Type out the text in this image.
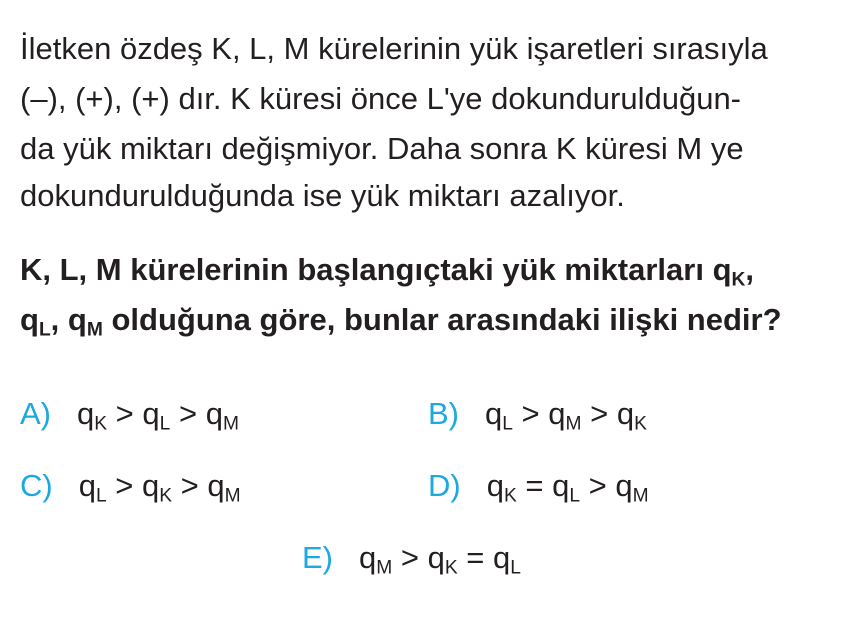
İletken özdeş K, L, M kürelerinin yük işaretleri sırasıyla
(–), (+), (+) dır. K küresi önce L'ye dokundurulduğun-
da yük miktarı değişmiyor. Daha sonra K küresi M ye
dokundurulduğunda ise yük miktarı azalıyor.
K, L, M kürelerinin başlangıçtaki yük miktarları $q_K$,
$q_L$, $q_M$ olduğuna göre, bunlar arasındaki ilişki nedir?
A) $q_K > q_L > q_M$	B) $q_L > q_M > q_K$
C) $q_L > q_K > q_M$	D) $q_K = q_L > q_M$
E) $q_M > q_K = q_L$
